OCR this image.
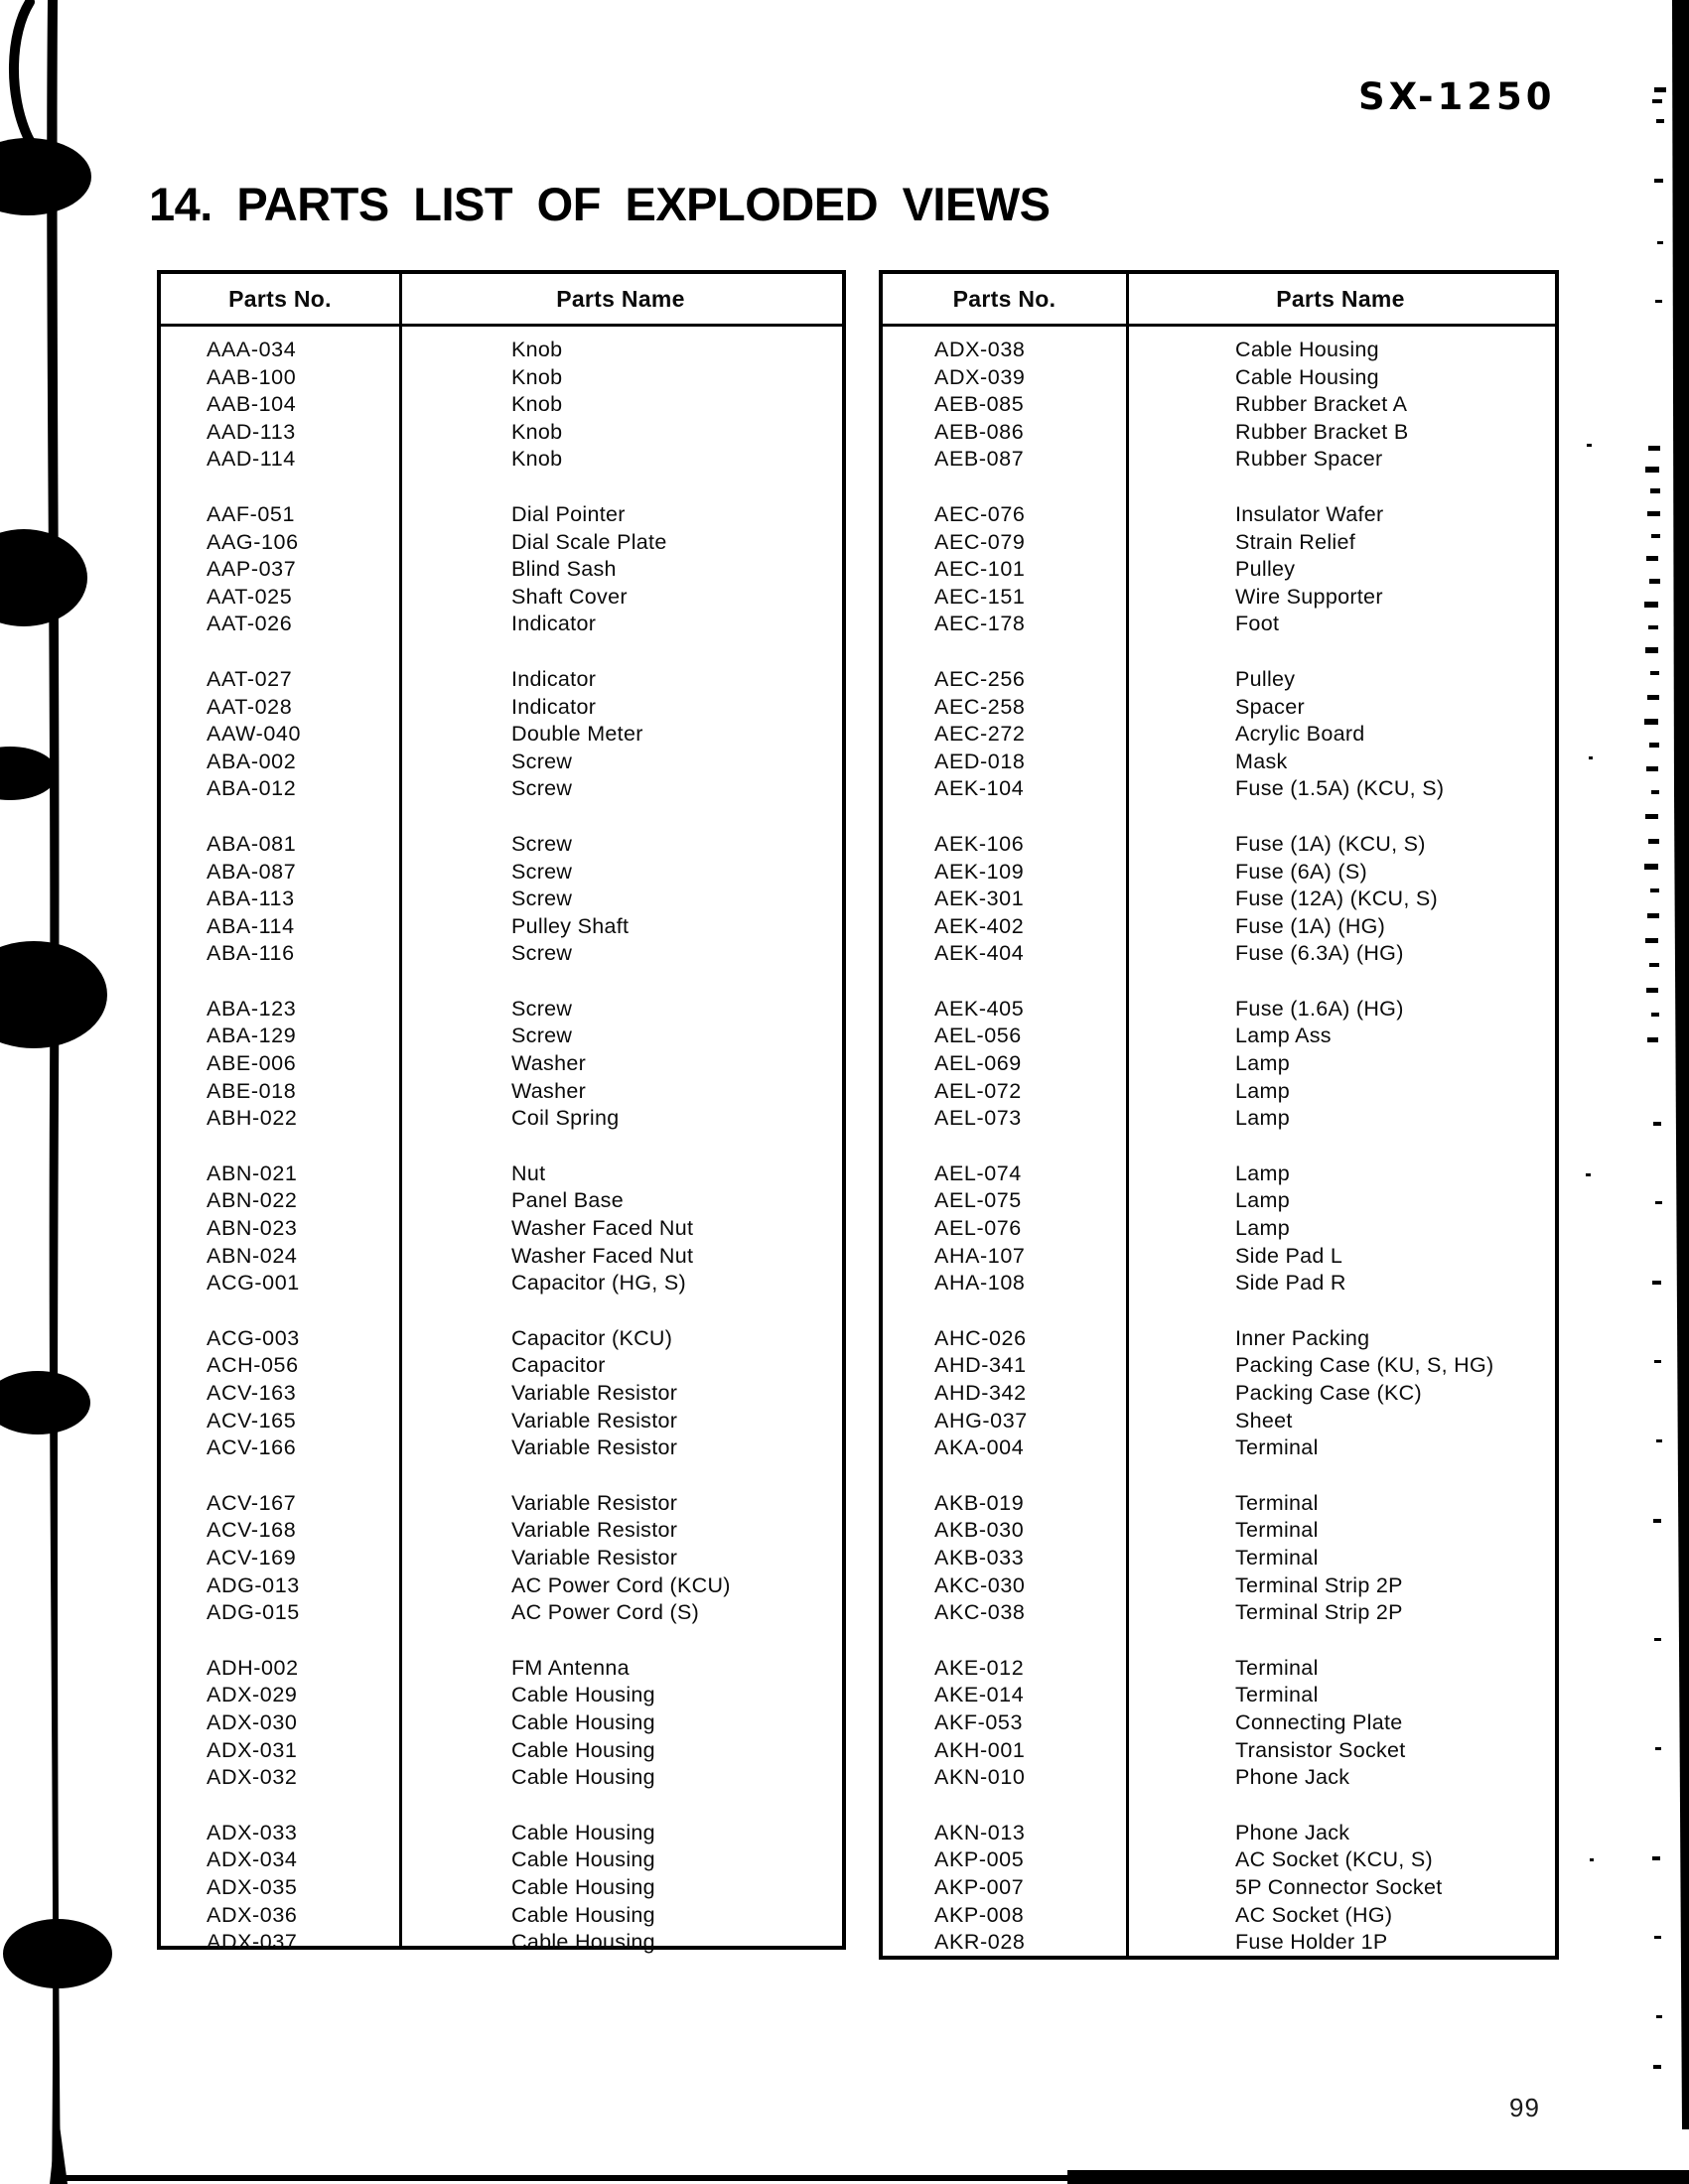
SX-1250
14. PARTS LIST OF EXPLODED VIEWS
Parts No.	Parts Name
AAA-034	Knob
AAB-100	Knob
AAB-104	Knob
AAD-113	Knob
AAD-114	Knob
AAF-051	Dial Pointer
AAG-106	Dial Scale Plate
AAP-037	Blind Sash
AAT-025	Shaft Cover
AAT-026	Indicator
AAT-027	Indicator
AAT-028	Indicator
AAW-040	Double Meter
ABA-002	Screw
ABA-012	Screw
ABA-081	Screw
ABA-087	Screw
ABA-113	Screw
ABA-114	Pulley Shaft
ABA-116	Screw
ABA-123	Screw
ABA-129	Screw
ABE-006	Washer
ABE-018	Washer
ABH-022	Coil Spring
ABN-021	Nut
ABN-022	Panel Base
ABN-023	Washer Faced Nut
ABN-024	Washer Faced Nut
ACG-001	Capacitor (HG, S)
ACG-003	Capacitor (KCU)
ACH-056	Capacitor
ACV-163	Variable Resistor
ACV-165	Variable Resistor
ACV-166	Variable Resistor
ACV-167	Variable Resistor
ACV-168	Variable Resistor
ACV-169	Variable Resistor
ADG-013	AC Power Cord (KCU)
ADG-015	AC Power Cord (S)
ADH-002	FM Antenna
ADX-029	Cable Housing
ADX-030	Cable Housing
ADX-031	Cable Housing
ADX-032	Cable Housing
ADX-033	Cable Housing
ADX-034	Cable Housing
ADX-035	Cable Housing
ADX-036	Cable Housing
ADX-037	Cable Housing
Parts No.	Parts Name
ADX-038	Cable Housing
ADX-039	Cable Housing
AEB-085	Rubber Bracket A
AEB-086	Rubber Bracket B
AEB-087	Rubber Spacer
AEC-076	Insulator Wafer
AEC-079	Strain Relief
AEC-101	Pulley
AEC-151	Wire Supporter
AEC-178	Foot
AEC-256	Pulley
AEC-258	Spacer
AEC-272	Acrylic Board
AED-018	Mask
AEK-104	Fuse (1.5A) (KCU, S)
AEK-106	Fuse (1A) (KCU, S)
AEK-109	Fuse (6A) (S)
AEK-301	Fuse (12A) (KCU, S)
AEK-402	Fuse (1A) (HG)
AEK-404	Fuse (6.3A) (HG)
AEK-405	Fuse (1.6A) (HG)
AEL-056	Lamp Ass
AEL-069	Lamp
AEL-072	Lamp
AEL-073	Lamp
AEL-074	Lamp
AEL-075	Lamp
AEL-076	Lamp
AHA-107	Side Pad L
AHA-108	Side Pad R
AHC-026	Inner Packing
AHD-341	Packing Case (KU, S, HG)
AHD-342	Packing Case (KC)
AHG-037	Sheet
AKA-004	Terminal
AKB-019	Terminal
AKB-030	Terminal
AKB-033	Terminal
AKC-030	Terminal Strip 2P
AKC-038	Terminal Strip 2P
AKE-012	Terminal
AKE-014	Terminal
AKF-053	Connecting Plate
AKH-001	Transistor Socket
AKN-010	Phone Jack
AKN-013	Phone Jack
AKP-005	AC Socket (KCU, S)
AKP-007	5P Connector Socket
AKP-008	AC Socket (HG)
AKR-028	Fuse Holder 1P
99
